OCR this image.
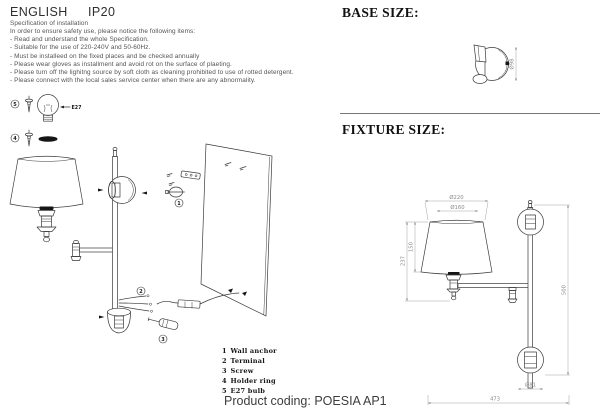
ENGLISH IP20
Specification of installation
In order to ensure safety use, please notice the following items:
- Read and understand the whole Specification.
- Suitable for the use of 220-240V and 50-60Hz.
- Must be installeed on the fixed places and be checked annually
- Please wear gloves as installment and avoid rot on the surface of plaeting.
- Please turn off the lighitng source by soft cloth as cleaning prohibited to use of rotted detergent.
- Please connect with the local sales service center when there are any abnormality.
5
E27
4
1
2
3
1 Wall anchor
2 Terminal
3 Screw
4 Holder ring
5 E27 bulb
Product coding: POESIA AP1
BASE SIZE:
Ø98
FIXTURE SIZE:
Ø220
Ø160
237
150
500
Ø81
473
